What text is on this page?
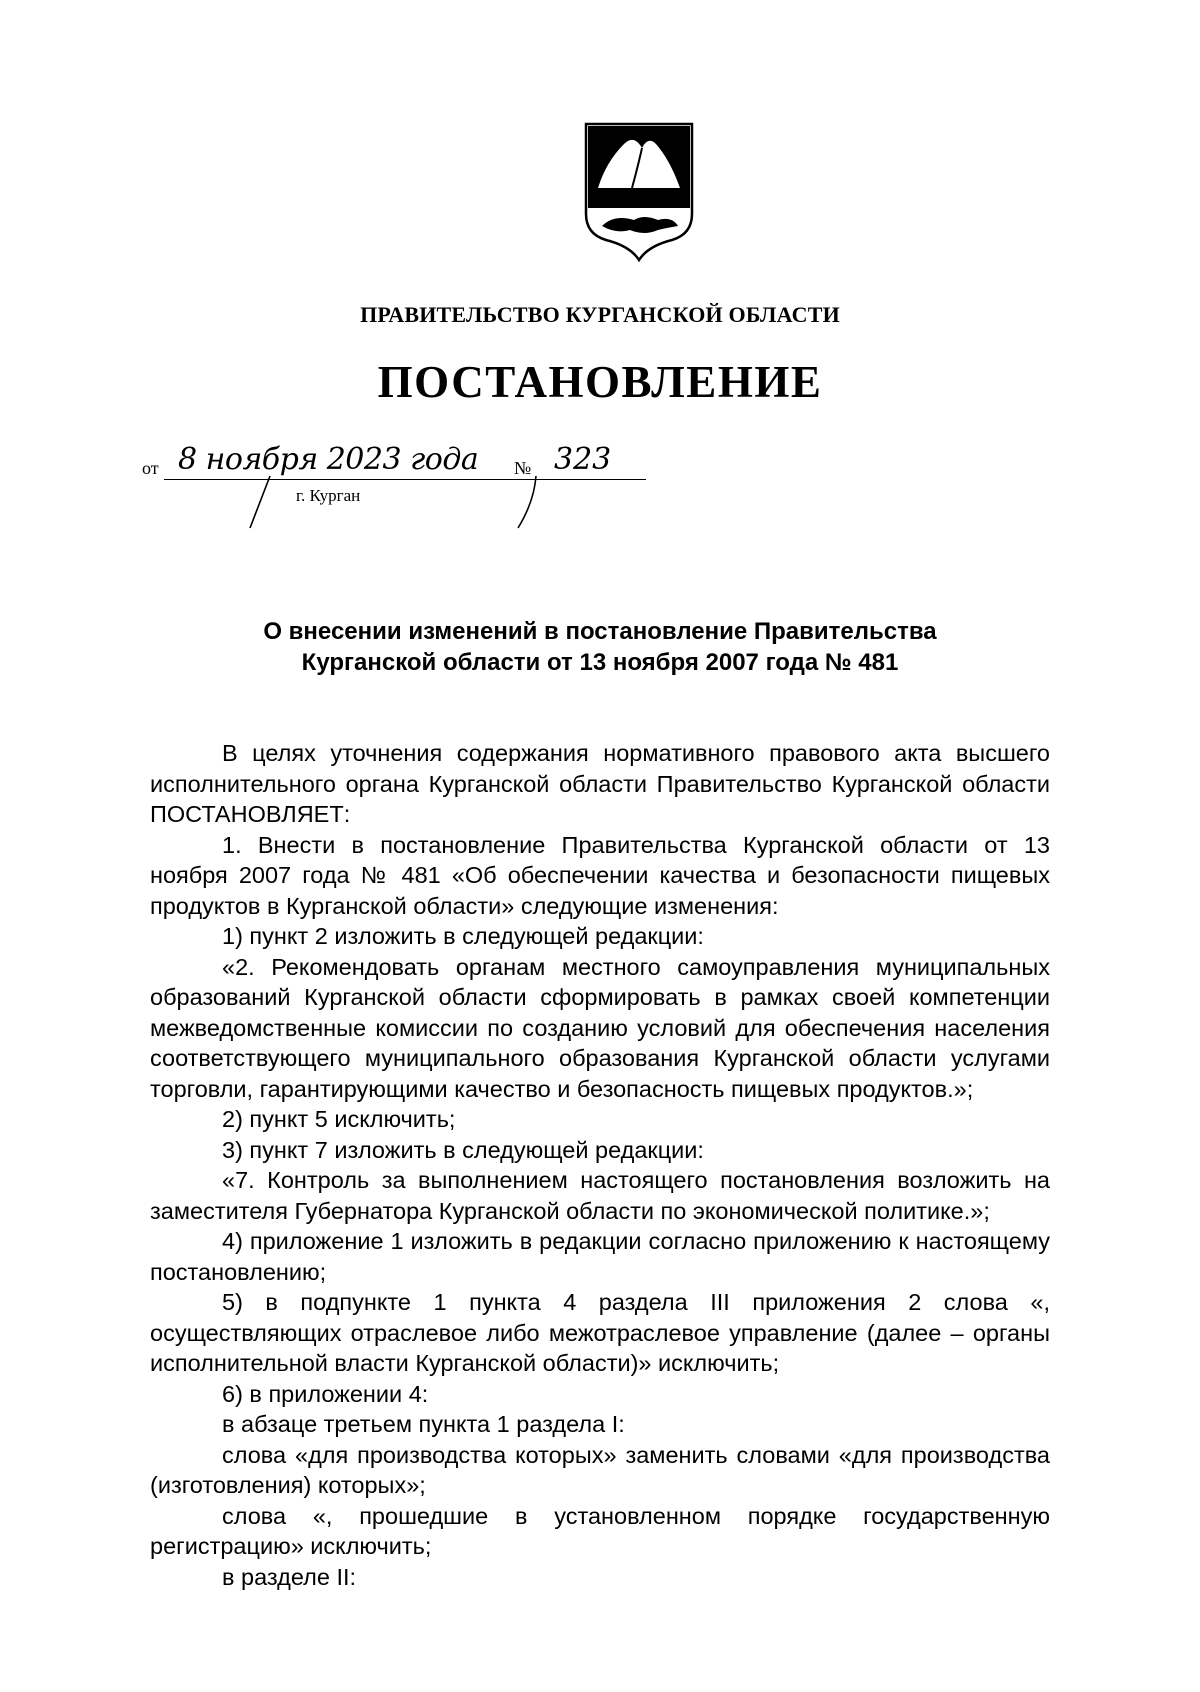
ПРАВИТЕЛЬСТВО КУРГАНСКОЙ ОБЛАСТИ
ПОСТАНОВЛЕНИЕ
от 8 ноября 2023 года № 323
г. Курган
О внесении изменений в постановление Правительства
Курганской области от 13 ноября 2007 года № 481

В целях уточнения содержания нормативного правового акта высшего исполнительного органа Курганской области Правительство Курганской области ПОСТАНОВЛЯЕТ:

1. Внести в постановление Правительства Курганской области от 13 ноября 2007 года № 481 «Об обеспечении качества и безопасности пищевых продуктов в Курганской области» следующие изменения:

1) пункт 2 изложить в следующей редакции:

«2. Рекомендовать органам местного самоуправления муниципальных образований Курганской области сформировать в рамках своей компетенции межведомственные комиссии по созданию условий для обеспечения населения соответствующего муниципального образования Курганской области услугами торговли, гарантирующими качество и безопасность пищевых продуктов.»;

2) пункт 5 исключить;

3) пункт 7 изложить в следующей редакции:

«7. Контроль за выполнением настоящего постановления возложить на заместителя Губернатора Курганской области по экономической политике.»;

4) приложение 1 изложить в редакции согласно приложению к настоящему постановлению;

5) в подпункте 1 пункта 4 раздела III приложения 2 слова «, осуществляющих отраслевое либо межотраслевое управление (далее – органы исполнительной власти Курганской области)» исключить;

6) в приложении 4:

в абзаце третьем пункта 1 раздела I:

слова «для производства которых» заменить словами «для производства (изготовления) которых»;

слова «, прошедшие в установленном порядке государственную регистрацию» исключить;

в разделе II:
